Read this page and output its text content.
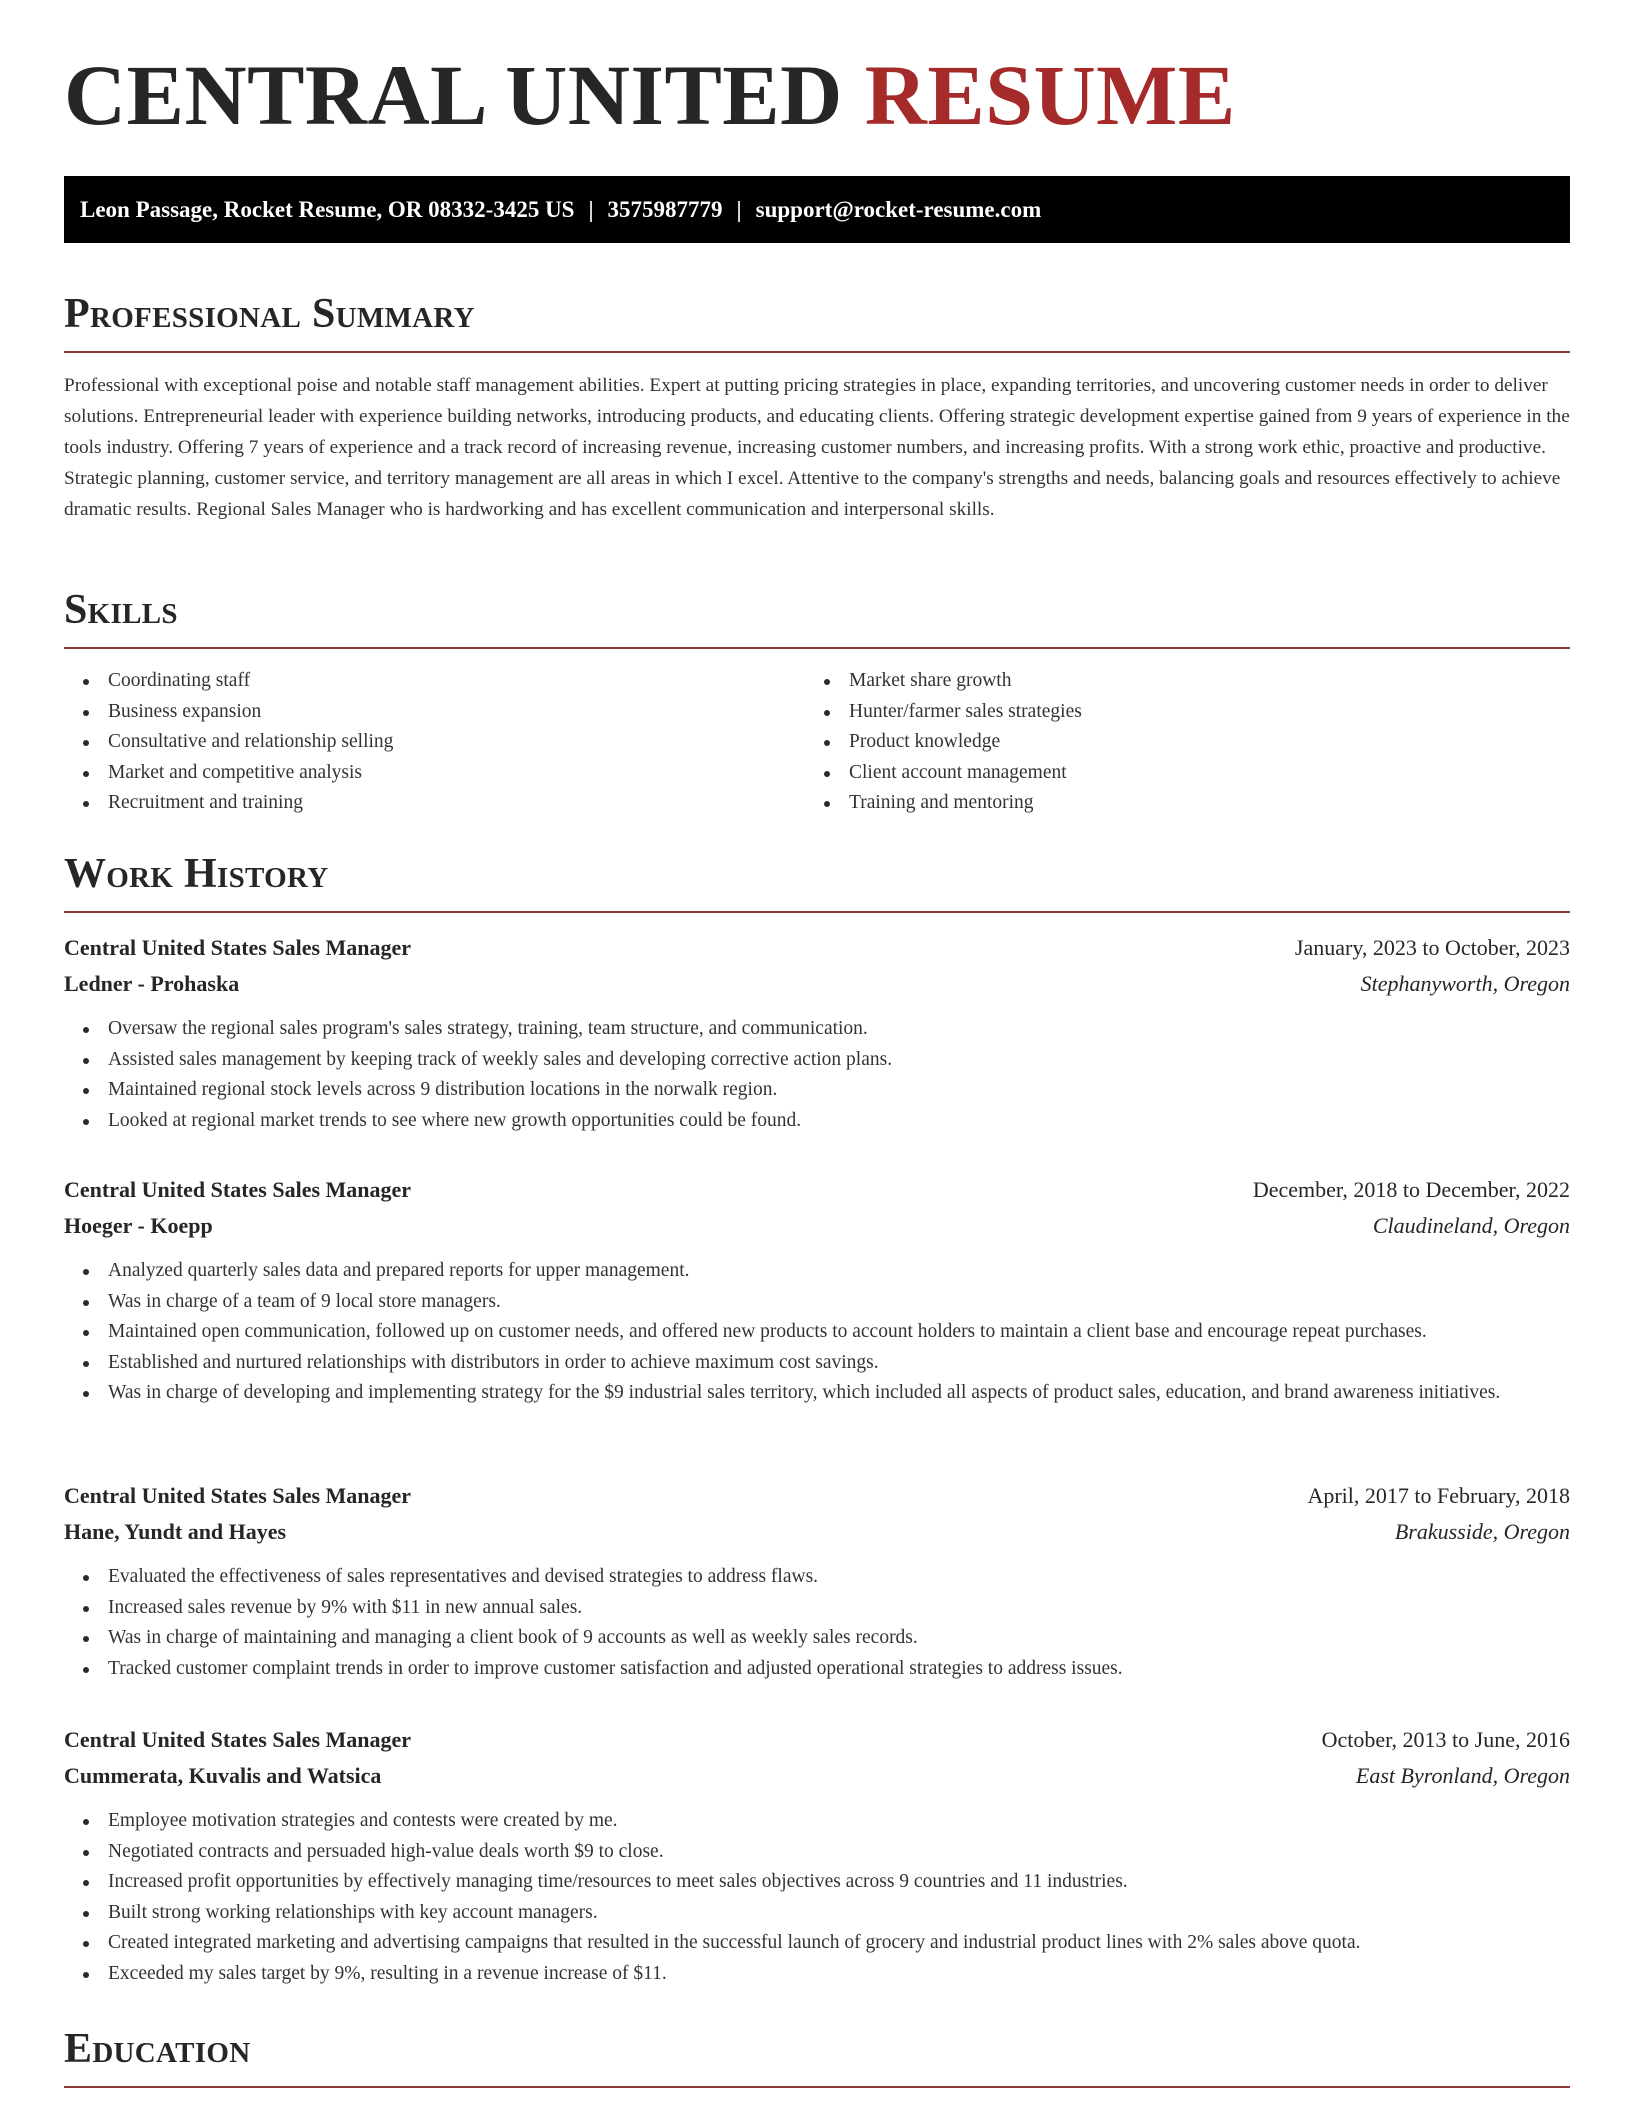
CENTRAL UNITED RESUME
Leon Passage, Rocket Resume, OR 08332-3425 US | 3575987779 | support@rocket-resume.com
Professional Summary

Professional with exceptional poise and notable staff management abilities. Expert at putting pricing strategies in place, expanding territories, and uncovering customer needs in order to deliver solutions. Entrepreneurial leader with experience building networks, introducing products, and educating clients. Offering strategic development expertise gained from 9 years of experience in the tools industry. Offering 7 years of experience and a track record of increasing revenue, increasing customer numbers, and increasing profits. With a strong work ethic, proactive and productive. Strategic planning, customer service, and territory management are all areas in which I excel. Attentive to the company's strengths and needs, balancing goals and resources effectively to achieve dramatic results. Regional Sales Manager who is hardworking and has excellent communication and interpersonal skills.

Skills
Coordinating staff
Business expansion
Consultative and relationship selling
Market and competitive analysis
Recruitment and training
Market share growth
Hunter/farmer sales strategies
Product knowledge
Client account management
Training and mentoring
Work History
Central United States Sales Manager	January, 2023 to October, 2023
Ledner - Prohaska	Stephanyworth, Oregon
Oversaw the regional sales program's sales strategy, training, team structure, and communication.
Assisted sales management by keeping track of weekly sales and developing corrective action plans.
Maintained regional stock levels across 9 distribution locations in the norwalk region.
Looked at regional market trends to see where new growth opportunities could be found.
Central United States Sales Manager	December, 2018 to December, 2022
Hoeger - Koepp	Claudineland, Oregon
Analyzed quarterly sales data and prepared reports for upper management.
Was in charge of a team of 9 local store managers.
Maintained open communication, followed up on customer needs, and offered new products to account holders to maintain a client base and encourage repeat purchases.
Established and nurtured relationships with distributors in order to achieve maximum cost savings.
Was in charge of developing and implementing strategy for the $9 industrial sales territory, which included all aspects of product sales, education, and brand awareness initiatives.
Central United States Sales Manager	April, 2017 to February, 2018
Hane, Yundt and Hayes	Brakusside, Oregon
Evaluated the effectiveness of sales representatives and devised strategies to address flaws.
Increased sales revenue by 9% with $11 in new annual sales.
Was in charge of maintaining and managing a client book of 9 accounts as well as weekly sales records.
Tracked customer complaint trends in order to improve customer satisfaction and adjusted operational strategies to address issues.
Central United States Sales Manager	October, 2013 to June, 2016
Cummerata, Kuvalis and Watsica	East Byronland, Oregon
Employee motivation strategies and contests were created by me.
Negotiated contracts and persuaded high-value deals worth $9 to close.
Increased profit opportunities by effectively managing time/resources to meet sales objectives across 9 countries and 11 industries.
Built strong working relationships with key account managers.
Created integrated marketing and advertising campaigns that resulted in the successful launch of grocery and industrial product lines with 2% sales above quota.
Exceeded my sales target by 9%, resulting in a revenue increase of $11.
Education
